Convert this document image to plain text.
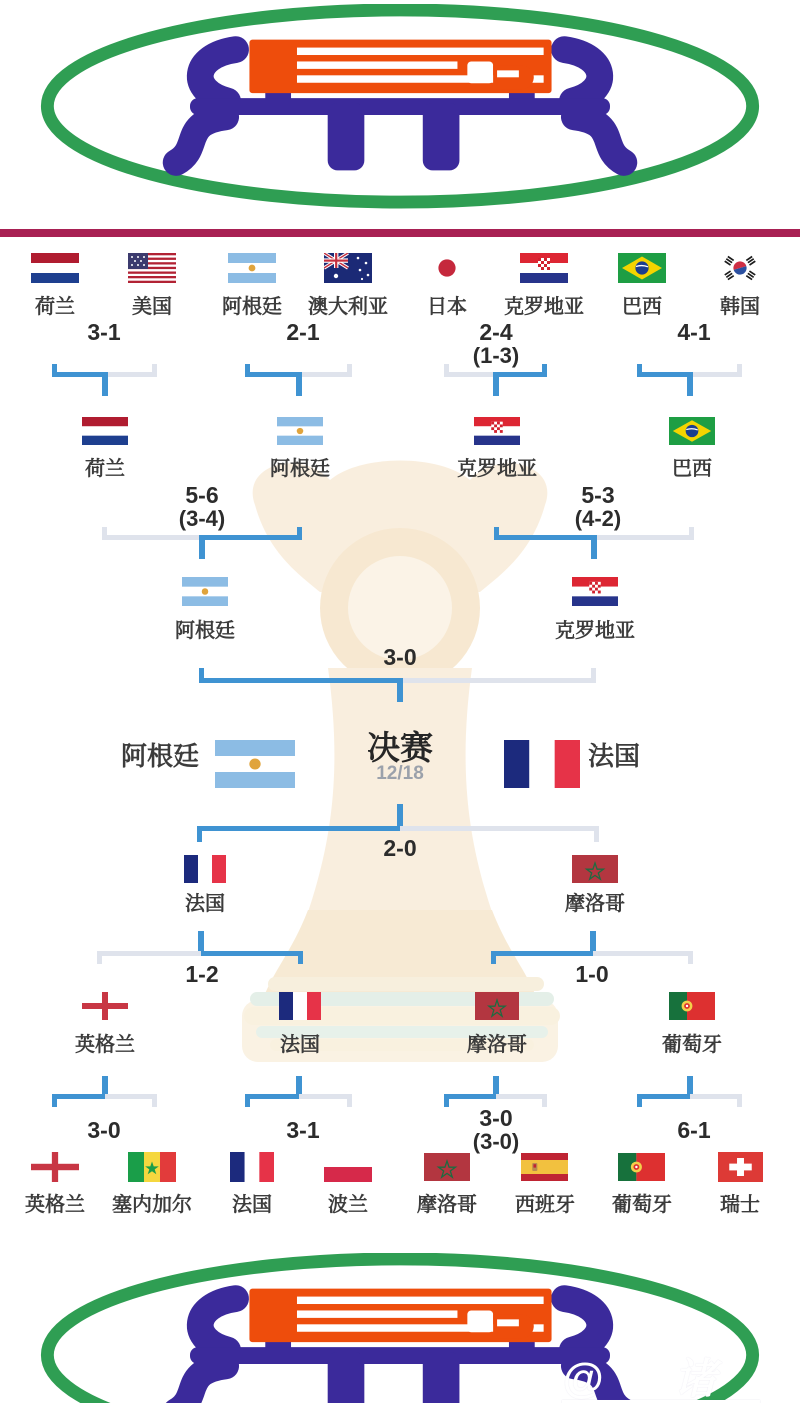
荷兰	美国	阿根廷 澳大利亚 日本 克罗地亚 巴西	韩国
3-1	2-1	2-4
(1-3)
4-1
荷兰	阿根廷	克罗地亚	巴西
5-6
(3-4)
5-3
(4-2)
阿根廷	克罗地亚
3-0
阿根廷	决赛
12/18
法国
2-0
法国	摩洛哥
1-2	1-0
英格兰	法国	摩洛哥	葡萄牙
3-0	3-1	3-0
(3-0)	6-1
英格兰 塞内加尔 法国	波兰 摩洛哥 西班牙 葡萄牙 瑞士
@  诸
